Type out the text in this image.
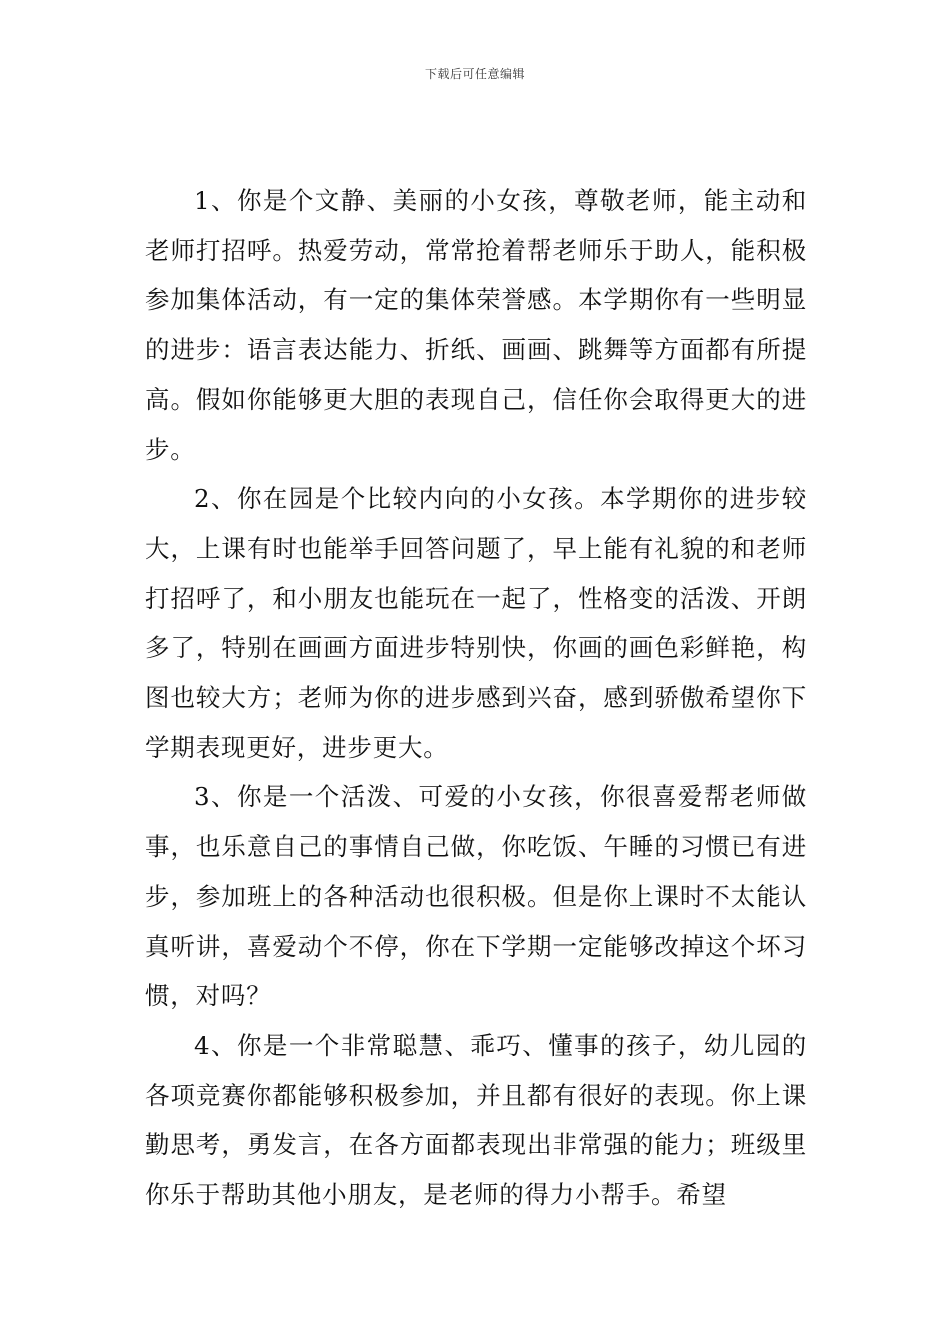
下载后可任意编辑

1、你是个文静、美丽的小女孩，尊敬老师，能主动和老师打招呼。热爱劳动，常常抢着帮老师乐于助人，能积极参加集体活动，有一定的集体荣誉感。本学期你有一些明显的进步：语言表达能力、折纸、画画、跳舞等方面都有所提高。假如你能够更大胆的表现自己，信任你会取得更大的进步。

2、你在园是个比较内向的小女孩。本学期你的进步较大，上课有时也能举手回答问题了，早上能有礼貌的和老师打招呼了，和小朋友也能玩在一起了，性格变的活泼、开朗多了，特别在画画方面进步特别快，你画的画色彩鲜艳，构图也较大方；老师为你的进步感到兴奋，感到骄傲希望你下学期表现更好，进步更大。

3、你是一个活泼、可爱的小女孩，你很喜爱帮老师做事，也乐意自己的事情自己做，你吃饭、午睡的习惯已有进步，参加班上的各种活动也很积极。但是你上课时不太能认真听讲，喜爱动个不停，你在下学期一定能够改掉这个坏习惯，对吗？

4、你是一个非常聪慧、乖巧、懂事的孩子，幼儿园的各项竞赛你都能够积极参加，并且都有很好的表现。你上课勤思考，勇发言，在各方面都表现出非常强的能力；班级里你乐于帮助其他小朋友，是老师的得力小帮手。希望
